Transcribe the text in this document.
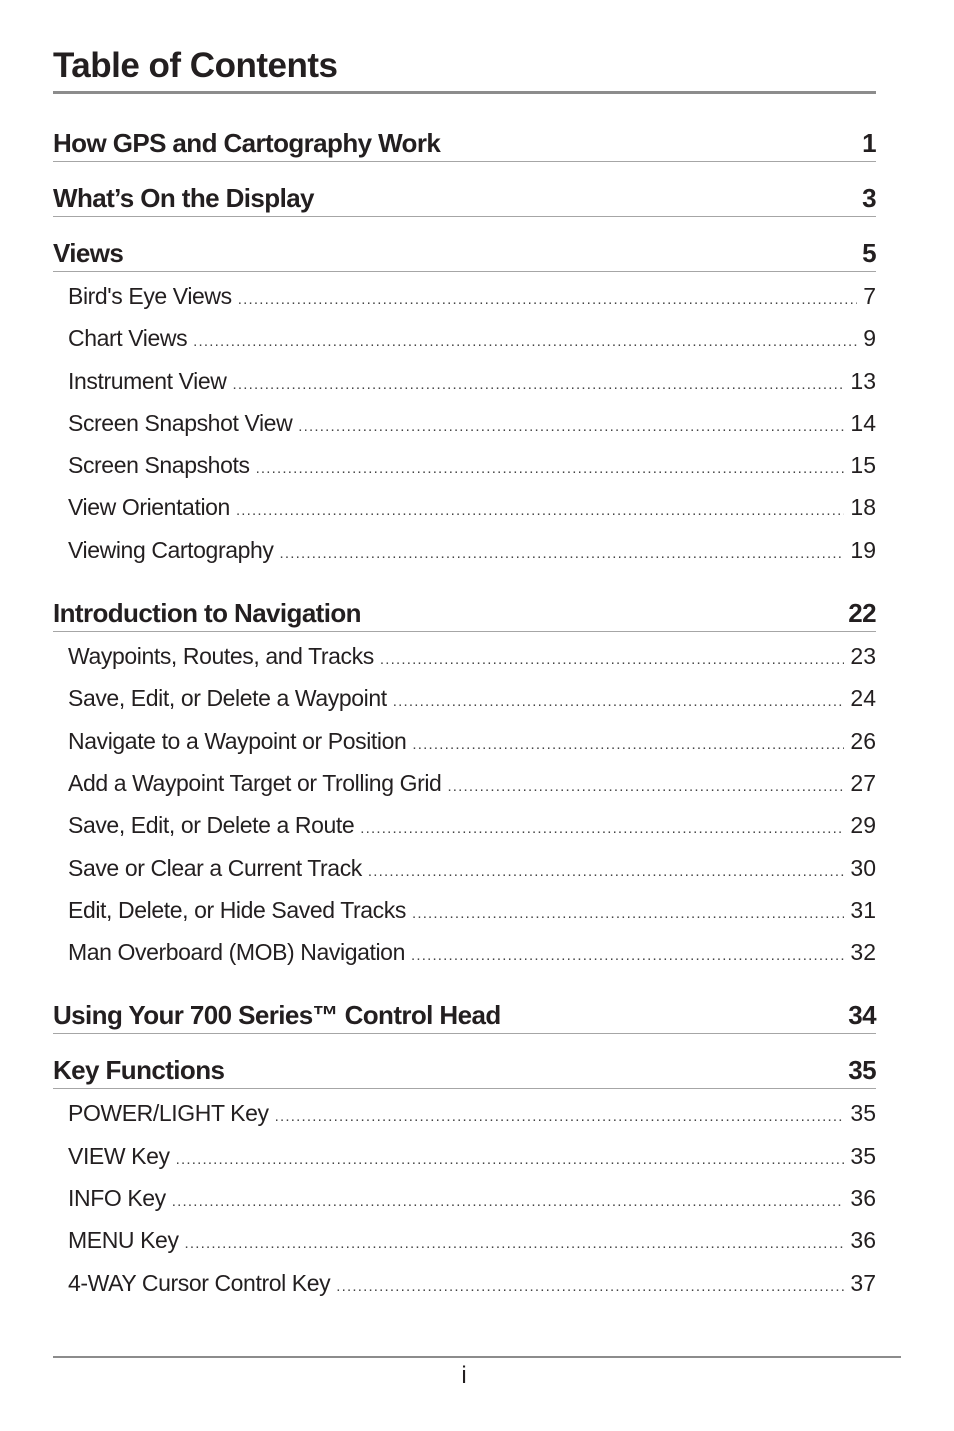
Table of Contents
How GPS and Cartography Work	1
What’s On the Display	3
Views	5
Bird's Eye Views .....	7
Chart Views .....	9
Instrument View .....	13
Screen Snapshot View .....	14
Screen Snapshots .....	15
View Orientation .....	18
Viewing Cartography .....	19
Introduction to Navigation	22
Waypoints, Routes, and Tracks .....	23
Save, Edit, or Delete a Waypoint .....	24
Navigate to a Waypoint or Position .....	26
Add a Waypoint Target or Trolling Grid .....	27
Save, Edit, or Delete a Route .....	29
Save or Clear a Current Track .....	30
Edit, Delete, or Hide Saved Tracks .....	31
Man Overboard (MOB) Navigation .....	32
Using Your 700 Series™ Control Head	34
Key Functions	35
POWER/LIGHT Key .....	35
VIEW Key .....	35
INFO Key .....	36
MENU Key .....	36
4-WAY Cursor Control Key .....	37
i
